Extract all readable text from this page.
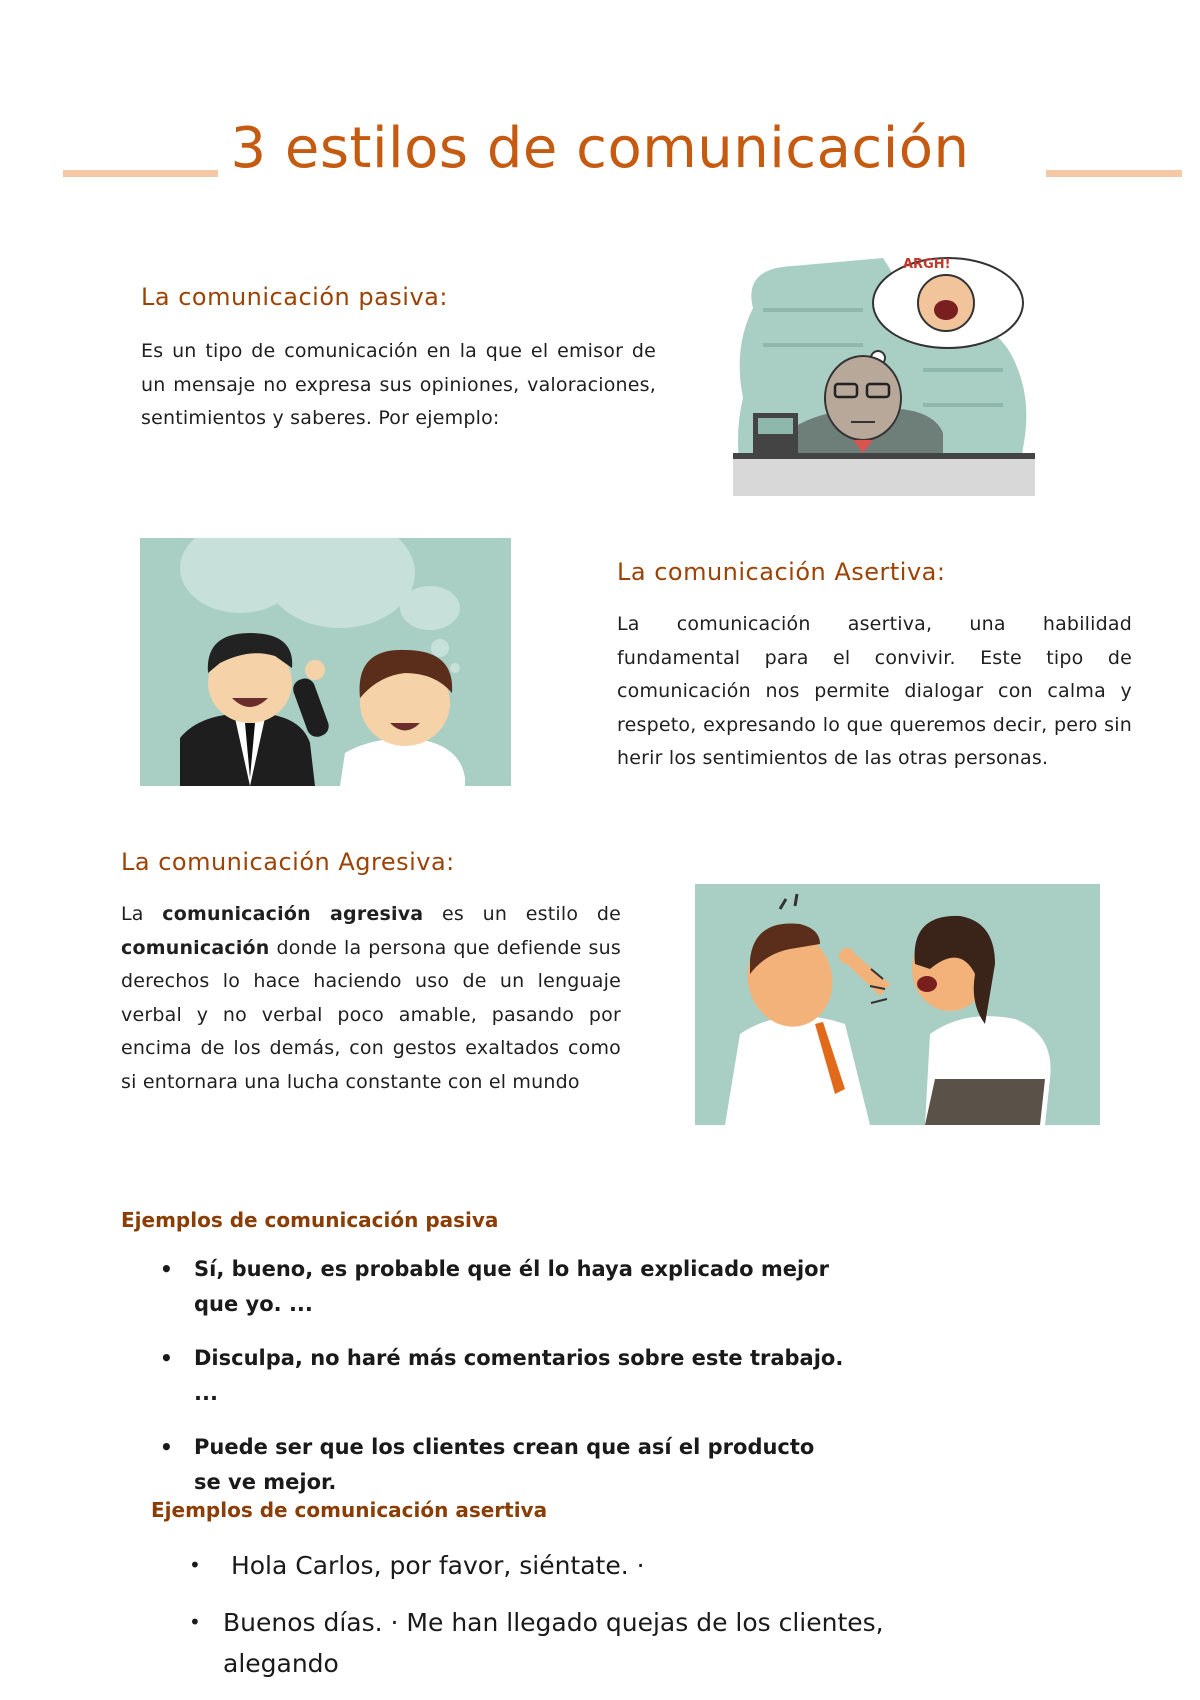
3 estilos de comunicación
La comunicación pasiva:
Es un tipo de comunicación en la que el emisor de un mensaje no expresa sus opiniones, valoraciones, sentimientos y saberes. Por ejemplo:
ARGH!
La comunicación Asertiva:
La comunicación asertiva, una habilidad fundamental para el convivir. Este tipo de comunicación nos permite dialogar con calma y respeto, expresando lo que queremos decir, pero sin herir los sentimientos de las otras personas.
La comunicación Agresiva:
La comunicación agresiva es un estilo de comunicación donde la persona que defiende sus derechos lo hace haciendo uso de un lenguaje verbal y no verbal poco amable, pasando por encima de los demás, con gestos exaltados como si entornara una lucha constante con el mundo
Ejemplos de comunicación pasiva
• Sí, bueno, es probable que él lo haya explicado mejor que yo. ...
• Disculpa, no haré más comentarios sobre este trabajo. ...
• Puede ser que los clientes crean que así el producto se ve mejor.
Ejemplos de comunicación asertiva
•  Hola Carlos, por favor, siéntate. ·
• Buenos días. · Me han llegado quejas de los clientes, alegando
